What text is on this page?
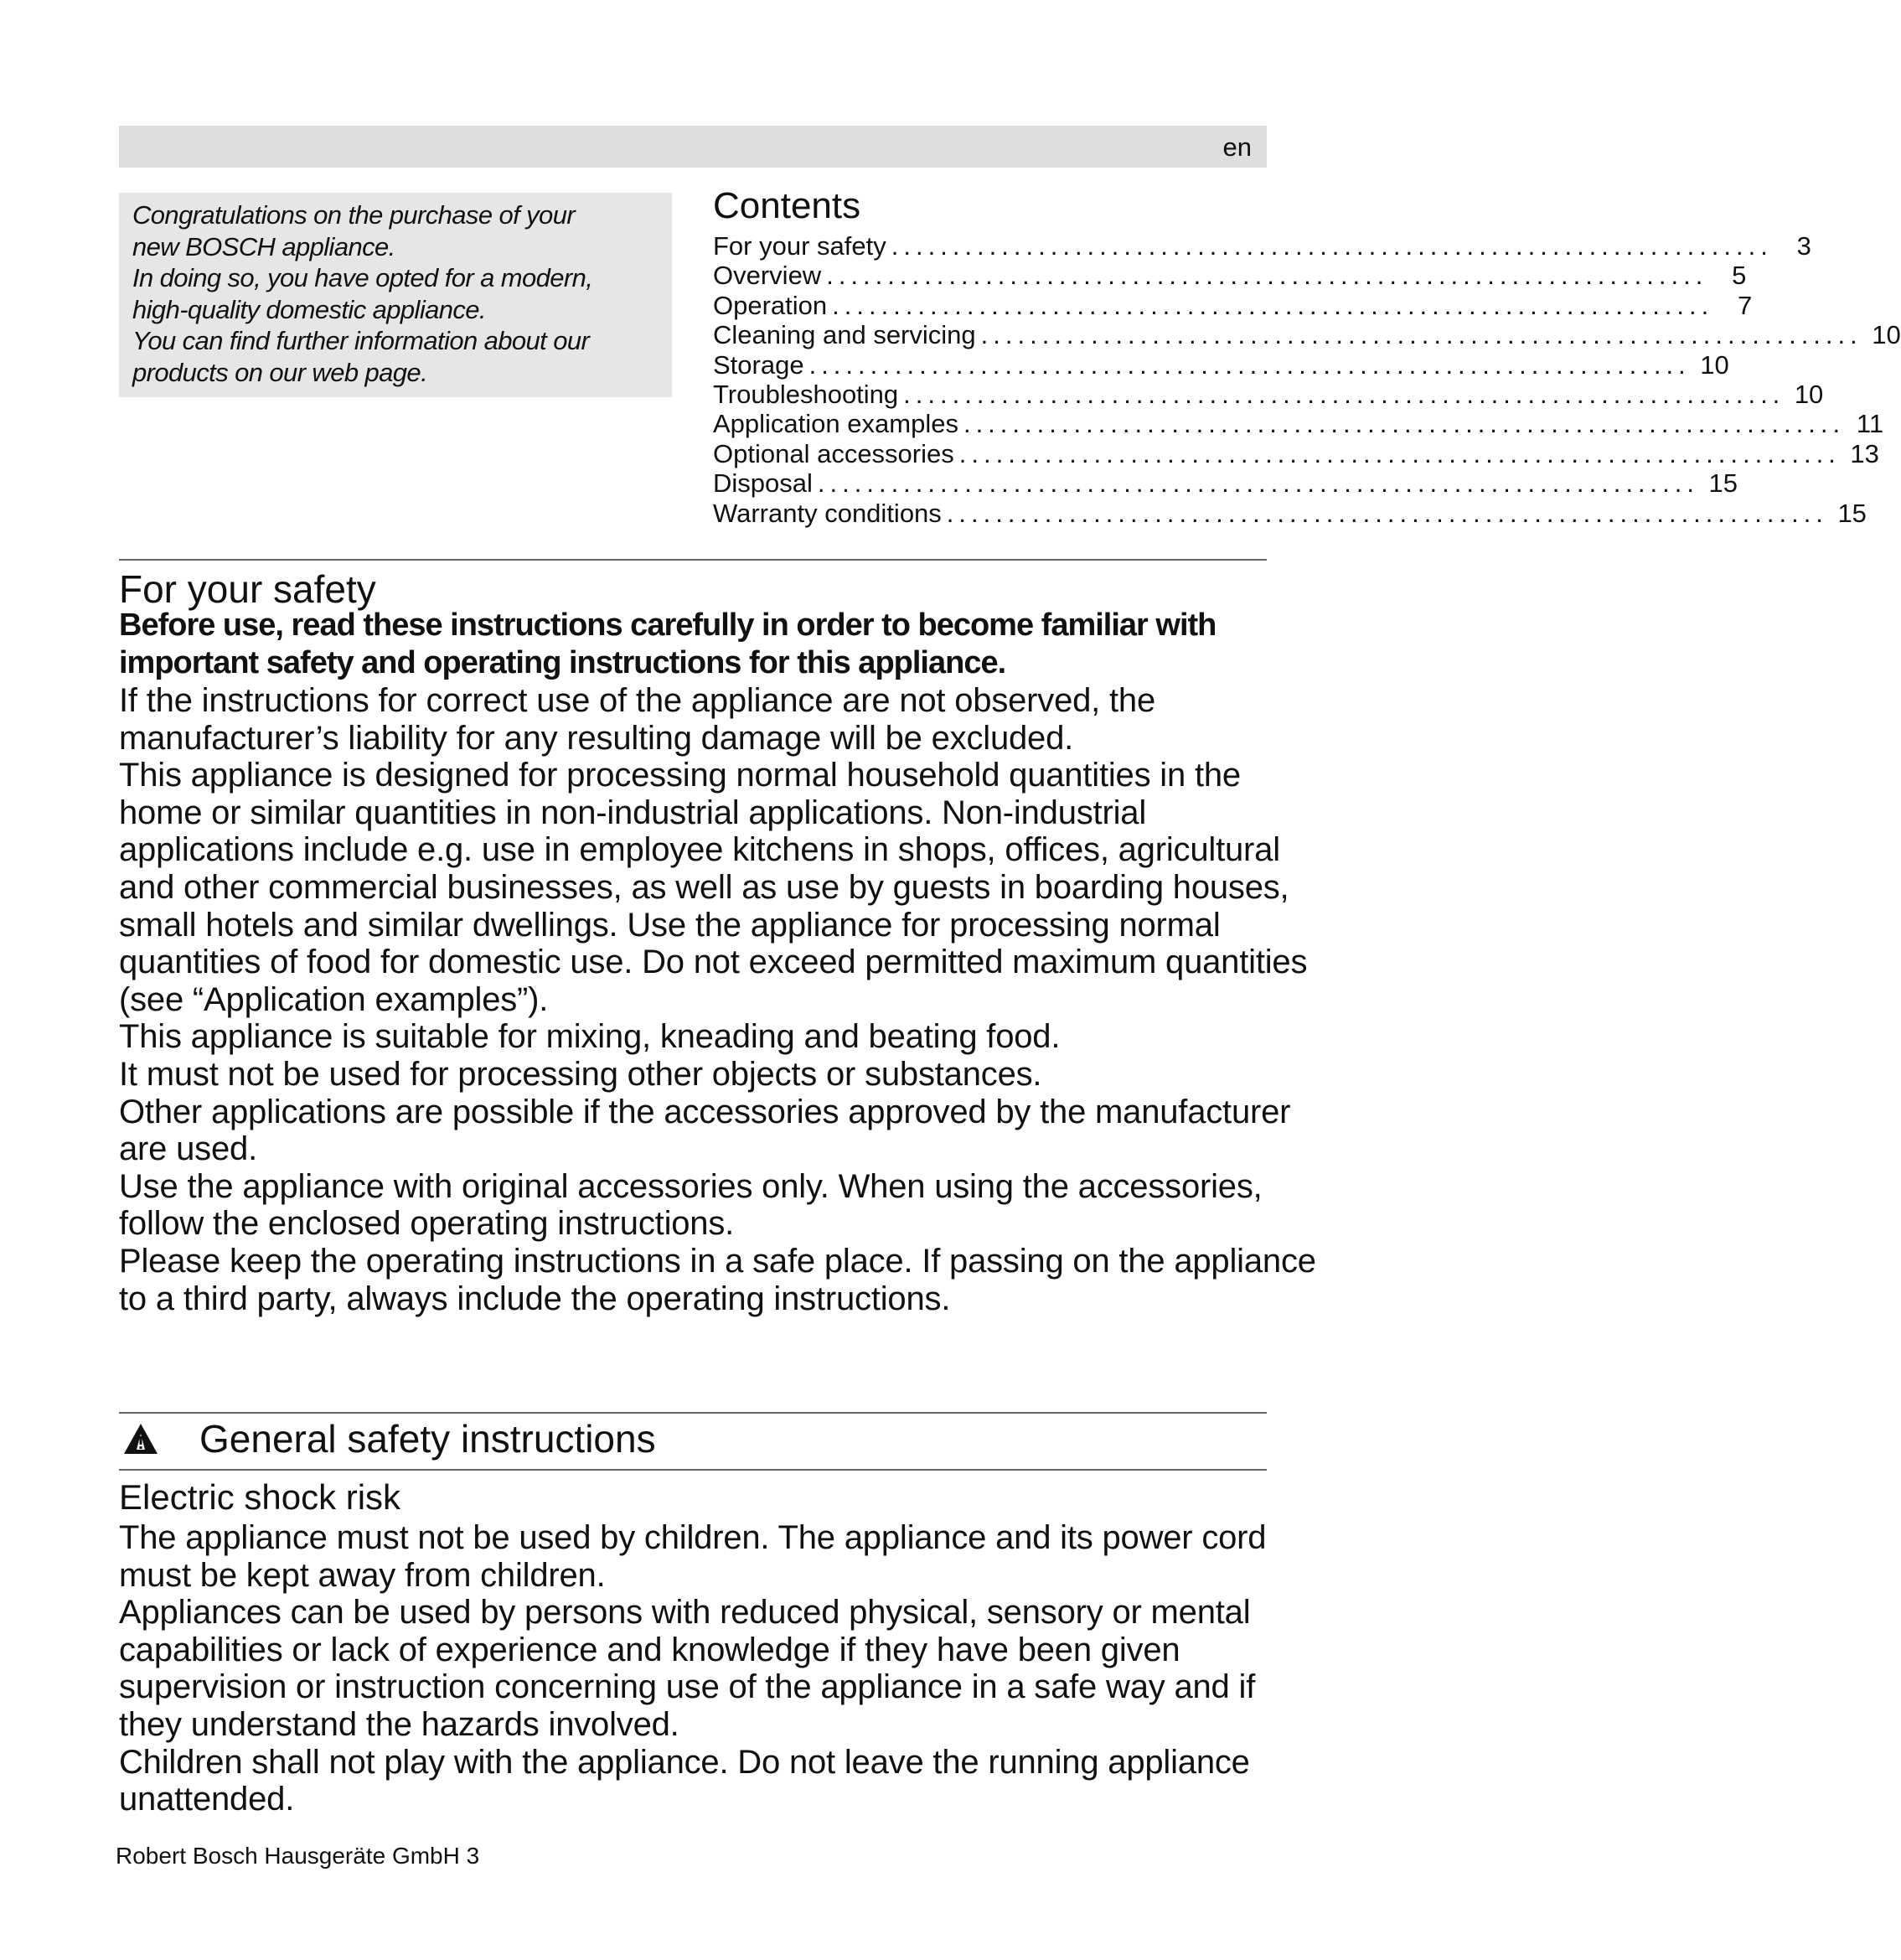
en
Congratulations on the purchase of your
new BOSCH appliance.
In doing so, you have opted for a modern,
high-quality domestic appliance.
You can find further information about our
products on our web page.
Contents
For your safety ........................................................................ 3
Overview ........................................................................ 5
Operation ........................................................................ 7
Cleaning and servicing ........................................................................ 10
Storage ........................................................................ 10
Troubleshooting ........................................................................ 10
Application examples ........................................................................ 11
Optional accessories ........................................................................ 13
Disposal ........................................................................ 15
Warranty conditions ........................................................................ 15
For your safety
Before use, read these instructions carefully in order to become familiar with important safety and operating instructions for this appliance.

If the instructions for correct use of the appliance are not observed, the manufacturer’s liability for any resulting damage will be excluded.

This appliance is designed for processing normal household quantities in the home or similar quantities in non-industrial applications. Non-industrial applications include e.g. use in employee kitchens in shops, offices, agricultural and other commercial businesses, as well as use by guests in boarding houses, small hotels and similar dwellings. Use the appliance for processing normal quantities of food for domestic use. Do not exceed permitted maximum quantities (see “Application examples”).

This appliance is suitable for mixing, kneading and beating food.

It must not be used for processing other objects or substances.

Other applications are possible if the accessories approved by the manufacturer are used.

Use the appliance with original accessories only. When using the accessories, follow the enclosed operating instructions.

Please keep the operating instructions in a safe place. If passing on the appliance to a third party, always include the operating instructions.

General safety instructions
Electric shock risk

The appliance must not be used by children. The appliance and its power cord must be kept away from children.

Appliances can be used by persons with reduced physical, sensory or mental capabilities or lack of experience and knowledge if they have been given supervision or instruction concerning use of the appliance in a safe way and if they understand the hazards involved.

Children shall not play with the appliance. Do not leave the running appliance unattended.

Robert Bosch Hausgeräte GmbH 3
